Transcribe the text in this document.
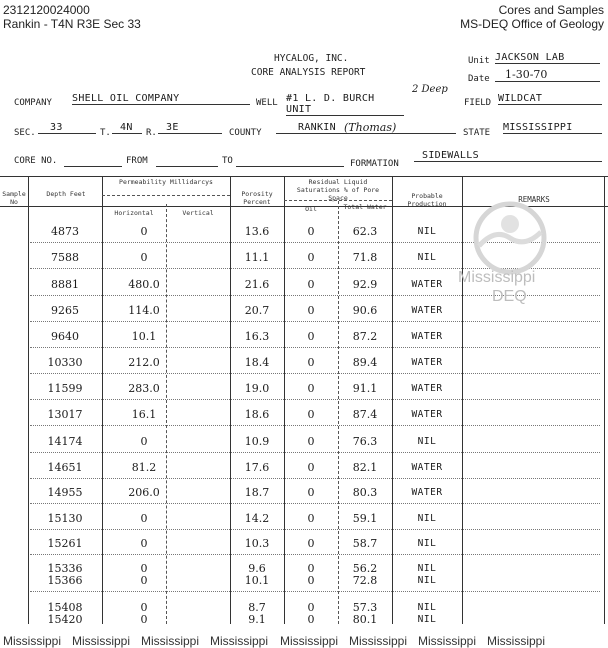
2312120024000
Rankin - T4N R3E Sec 33
Cores and Samples
MS-DEQ Office of Geology
HYCALOG, INC.
CORE ANALYSIS REPORT
Unit JACKSON LAB
Date	1-30-70
COMPANY SHELL OIL COMPANY	WELL #1 L. D. BURCH UNIT
2 Deep
FIELD WILDCAT
SEC.	33	T. 4N	R. 3E	COUNTY	RANKIN (Thomas)	STATE MISSISSIPPI
CORE NO.	FROM	TO	FORMATION
SIDEWALLS
Sample No
Depth Feet
Permeability Millidarcys
Horizontal	Vertical
Porosity Percent
Residual Liquid Saturations % of Pore Space
Oil	Total Water
Probable Production	REMARKS
4873	0	13.6	0	62.3	NIL
7588	0	11.1	0	71.8	NIL
8881	480.0	21.6	0	92.9	WATER
9265	114.0	20.7	0	90.6	WATER
9640	10.1	16.3	0	87.2	WATER
10330	212.0	18.4	0	89.4	WATER
11599	283.0	19.0	0	91.1	WATER
13017	16.1	18.6	0	87.4	WATER
14174	0	10.9	0	76.3	NIL
14651	81.2	17.6	0	82.1	WATER
14955	206.0	18.7	0	80.3	WATER
15130	0	14.2	0	59.1	NIL
15261	0	10.3	0	58.7	NIL
15336	0	9.6	0	56.2	NIL
15366	0	10.1	0	72.8	NIL
15408	0	8.7	0	57.3	NIL
15420	0	9.1	0	80.1	NIL
Mississippi
DEQ
Mississippi Mississippi Mississippi Mississippi Mississippi Mississippi Mississippi Mississippi
